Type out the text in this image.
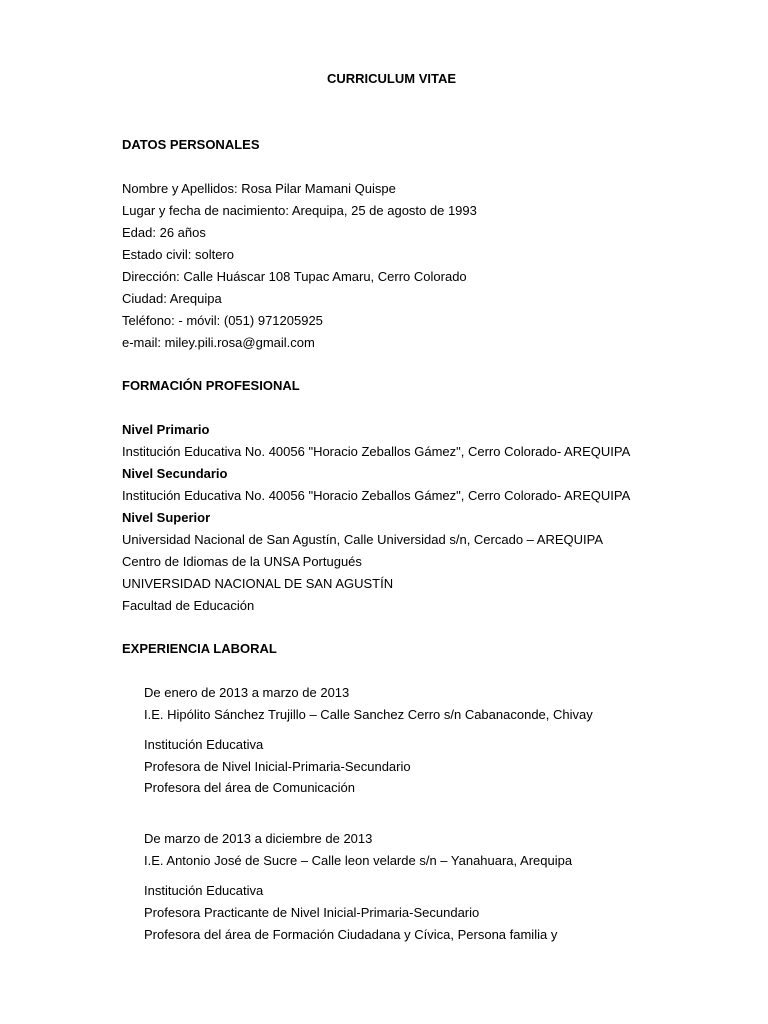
CURRICULUM VITAE
DATOS PERSONALES
Nombre y Apellidos: Rosa Pilar Mamani Quispe
Lugar y fecha de nacimiento: Arequipa, 25 de agosto de 1993
Edad: 26 años
Estado civil: soltero
Dirección: Calle Huáscar 108 Tupac Amaru, Cerro Colorado
Ciudad: Arequipa
Teléfono: - móvil: (051) 971205925
e-mail: miley.pili.rosa@gmail.com
FORMACIÓN PROFESIONAL
Nivel Primario
Institución Educativa No. 40056 "Horacio Zeballos Gámez", Cerro Colorado- AREQUIPA
Nivel Secundario
Institución Educativa No. 40056 "Horacio Zeballos Gámez", Cerro Colorado- AREQUIPA
Nivel Superior
Universidad Nacional de San Agustín, Calle Universidad s/n, Cercado – AREQUIPA
Centro de Idiomas de la UNSA Portugués
UNIVERSIDAD NACIONAL DE SAN AGUSTÍN
Facultad de Educación
EXPERIENCIA LABORAL
De enero de 2013 a marzo de 2013
I.E. Hipólito Sánchez Trujillo – Calle Sanchez Cerro s/n Cabanaconde, Chivay
Institución Educativa
Profesora de Nivel Inicial-Primaria-Secundario
Profesora del área de Comunicación
De marzo de 2013 a diciembre de 2013
I.E. Antonio José de Sucre – Calle leon velarde s/n – Yanahuara, Arequipa
Institución Educativa
Profesora Practicante de Nivel Inicial-Primaria-Secundario
Profesora del área de Formación Ciudadana y Cívica, Persona familia y
